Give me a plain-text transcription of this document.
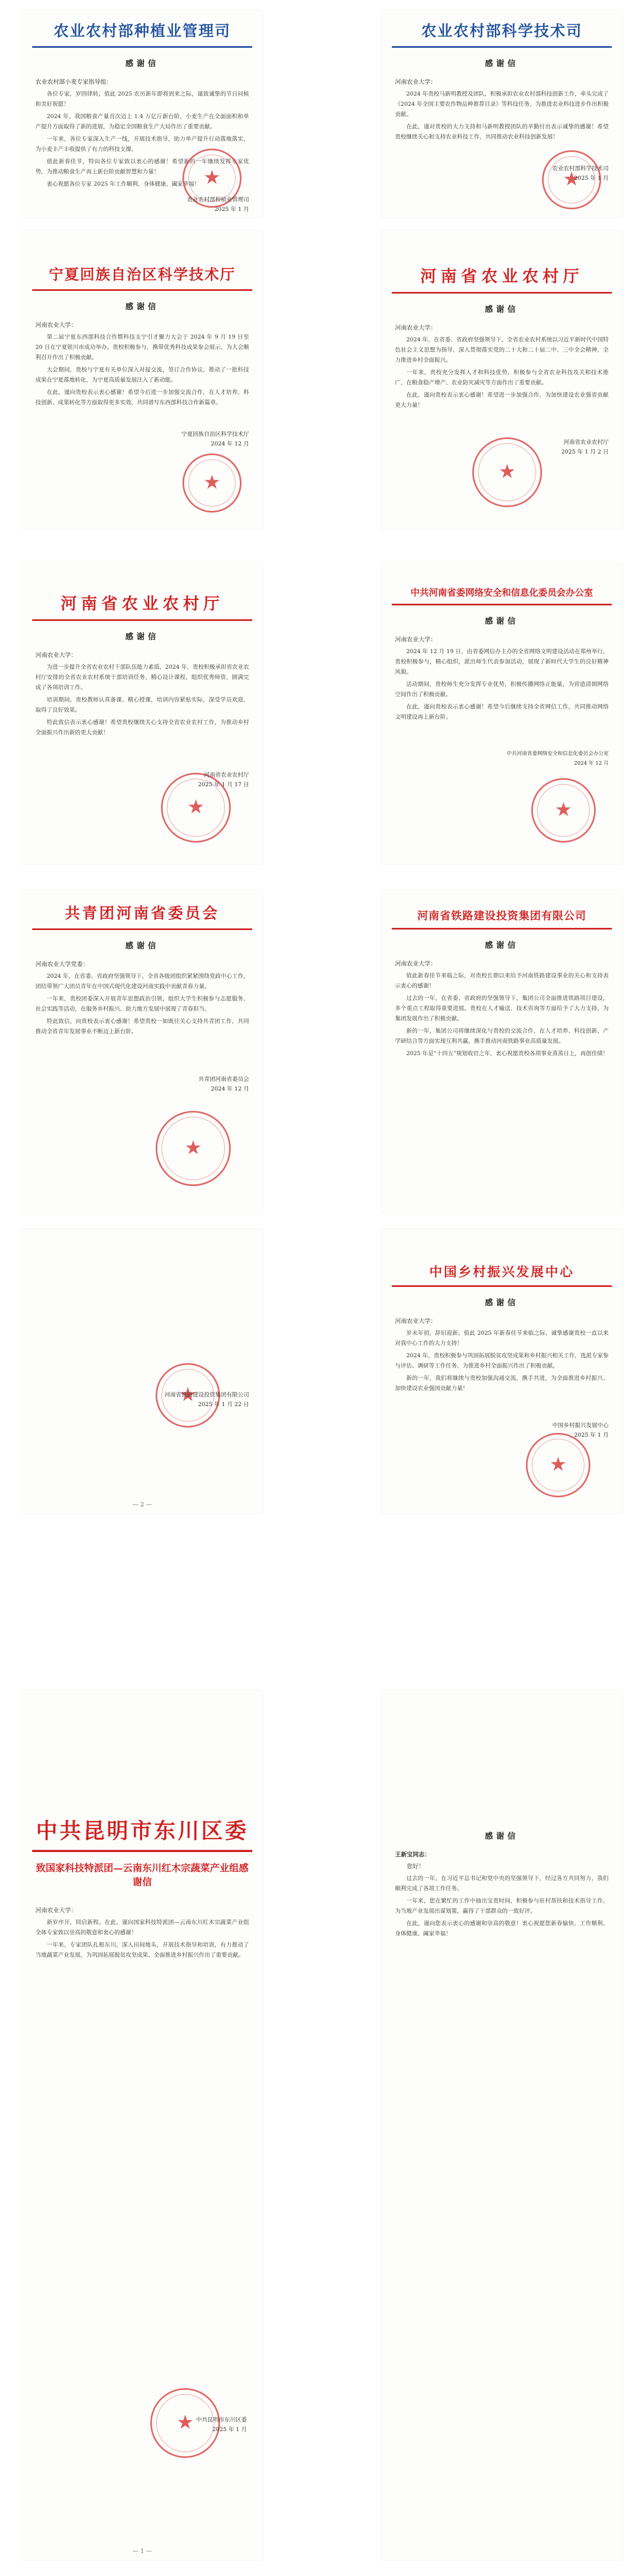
农业农村部种植业管理司
感谢信
农业农村部小麦专家指导组：

各位专家，岁回律转，值此 2025 农历新年即将到来之际，谨致诚挚的节日问候和美好祝愿！

2024 年，我国粮食产量首次迈上 1.4 万亿斤新台阶，小麦生产在全面面积和单产提升方面取得了新的进展，为稳定全国粮食生产大局作出了重要贡献。

一年来，各位专家深入生产一线，开展技术指导，助力单产提升行动落地落实，为小麦丰产丰收提供了有力的科技支撑。

值此新春佳节，特向各位专家致以衷心的感谢！希望新的一年继续发挥专家优势，为推动粮食生产再上新台阶贡献智慧和力量！

衷心祝愿各位专家 2025 年工作顺利、身体健康、阖家幸福！ ★
农业农村部种植业管理司
2025 年 1 月
农业农村部科学技术司
感谢信
河南农业大学：

2024 年贵校马新明教授及团队，积极承担农业农村部科技创新工作，牵头完成了《2024 年全国主要农作物品种推荐目录》等科技任务，为推进农业科技进步作出积极贡献。

在此，谨对贵校的大力支持和马新明教授团队的辛勤付出表示诚挚的感谢！希望贵校继续关心和支持农业科技工作，共同推动农业科技创新发展！

★
农业农村部科学技术司
2025 年 1 月
宁夏回族自治区科学技术厅
感谢信
河南农业大学：

第二届宁夏东西部科技合作暨科技支宁引才聚力大会于 2024 年 9 月 19 日至 20 日在宁夏银川市成功举办。贵校积极参与，携带优秀科技成果参会展示，为大会顺利召开作出了积极贡献。

大会期间，贵校与宁夏有关单位深入对接交流，签订合作协议，推动了一批科技成果在宁夏落地转化，为宁夏高质量发展注入了新动能。

在此，谨向贵校表示衷心感谢！希望今后进一步加强交流合作，在人才培养、科技创新、成果转化等方面取得更多实效，共同谱写东西部科技合作新篇章。

★
宁夏回族自治区科学技术厅
2024 年 12 月
河南省农业农村厅
感谢信
河南农业大学：

2024 年，在省委、省政府坚强领导下，全省农业农村系统以习近平新时代中国特色社会主义思想为指导，深入贯彻落实党的二十大和二十届二中、三中全会精神，全力推进乡村全面振兴。

一年来，贵校充分发挥人才和科技优势，积极参与全省农业科技攻关和技术推广，在粮食稳产增产、农业防灾减灾等方面作出了重要贡献。

在此，谨向贵校表示衷心感谢！希望进一步加强合作，为加快建设农业强省贡献更大力量！

★
河南省农业农村厅
2025 年 1 月 2 日
河南省农业农村厅
感谢信
河南农业大学：

为进一步提升全省农业农村干部队伍能力素质，2024 年，贵校积极承担省农业农村厅安排的全省农业农村系统干部培训任务，精心设计课程，组织优秀师资，圆满完成了各项培训工作。

培训期间，贵校教师认真备课、精心授课，培训内容紧贴实际，深受学员欢迎，取得了良好效果。

特此致信表示衷心感谢！希望贵校继续关心支持全省农业农村工作，为推动乡村全面振兴作出新的更大贡献！

★
河南省农业农村厅
2025 年 1 月 17 日
中共河南省委网络安全和信息化委员会办公室
感谢信
河南农业大学：

2024 年 12 月 19 日，由省委网信办主办的全省网络文明建设活动在郑州举行。贵校积极参与，精心组织，派出师生代表参加活动，展现了新时代大学生的良好精神风貌。

活动期间，贵校师生充分发挥专业优势，积极传播网络正能量，为营造清朗网络空间作出了积极贡献。

在此，谨向贵校表示衷心感谢！希望今后继续支持全省网信工作，共同推动网络文明建设再上新台阶。

★
中共河南省委网络安全和信息化委员会办公室
2024 年 12 月
共青团河南省委员会
感谢信
河南农业大学党委：

2024 年，在省委、省政府坚强领导下，全省各级团组织紧紧围绕党政中心工作，团结带领广大团员青年在中国式现代化建设河南实践中贡献青春力量。

一年来，贵校团委深入开展青年思想政治引领，组织大学生积极参与志愿服务、社会实践等活动，在服务乡村振兴、助力地方发展中展现了青春担当。

特此致信，向贵校表示衷心感谢！希望贵校一如既往关心支持共青团工作，共同推动全省青年发展事业不断迈上新台阶。

★
共青团河南省委员会
2024 年 12 月
河南省铁路建设投资集团有限公司
感谢信
河南农业大学：

值此新春佳节来临之际，对贵校长期以来给予河南铁路建设事业的关心和支持表示衷心的感谢！

过去的一年，在省委、省政府的坚强领导下，集团公司全面推进铁路项目建设，多个重点工程取得重要进展。贵校在人才输送、技术咨询等方面给予了大力支持，为集团发展作出了积极贡献。

新的一年，集团公司将继续深化与贵校的交流合作，在人才培养、科技创新、产学研结合等方面实现互利共赢，携手推动河南铁路事业高质量发展。

2025 年是“十四五”规划收官之年，衷心祝愿贵校各项事业蒸蒸日上，再创佳绩！

★
河南省铁路建设投资集团有限公司
2025 年 1 月 22 日
— 2 —
中国乡村振兴发展中心
感谢信
河南农业大学：

岁末年初，辞旧迎新。值此 2025 年新春佳节来临之际，诚挚感谢贵校一直以来对我中心工作的大力支持！

2024 年，贵校积极参与巩固拓展脱贫攻坚成果和乡村振兴相关工作，选派专家参与评估、调研等工作任务，为推进乡村全面振兴作出了积极贡献。

新的一年，我们将继续与贵校加强沟通交流，携手共进，为全面推进乡村振兴、加快建设农业强国贡献力量！

★
中国乡村振兴发展中心
2025 年 1 月
中共昆明市东川区委
致国家科技特派团—云南东川红木宗蔬菜产业组感谢信
河南农业大学：

新岁序开，同启新程。在此，谨向国家科技特派团—云南东川红木宗蔬菜产业组全体专家致以崇高的敬意和衷心的感谢！

一年来，专家团队扎根东川，深入田间地头，开展技术指导和培训，有力推动了当地蔬菜产业发展，为巩固拓展脱贫攻坚成果、全面推进乡村振兴作出了重要贡献。

★ 中共昆明市东川区委
2025 年 1 月
— 1 —
感谢信
王新宝同志：
您好！

过去的一年，在习近平总书记和党中央的坚强领导下，经过各方共同努力，我们顺利完成了各项工作任务。

一年来，您在繁忙的工作中抽出宝贵时间，积极参与驻村帮扶和技术指导工作，为当地产业发展出谋划策，赢得了干部群众的一致好评。

在此，谨向您表示衷心的感谢和崇高的敬意！衷心祝愿您新春愉快、工作顺利、身体健康、阖家幸福！
